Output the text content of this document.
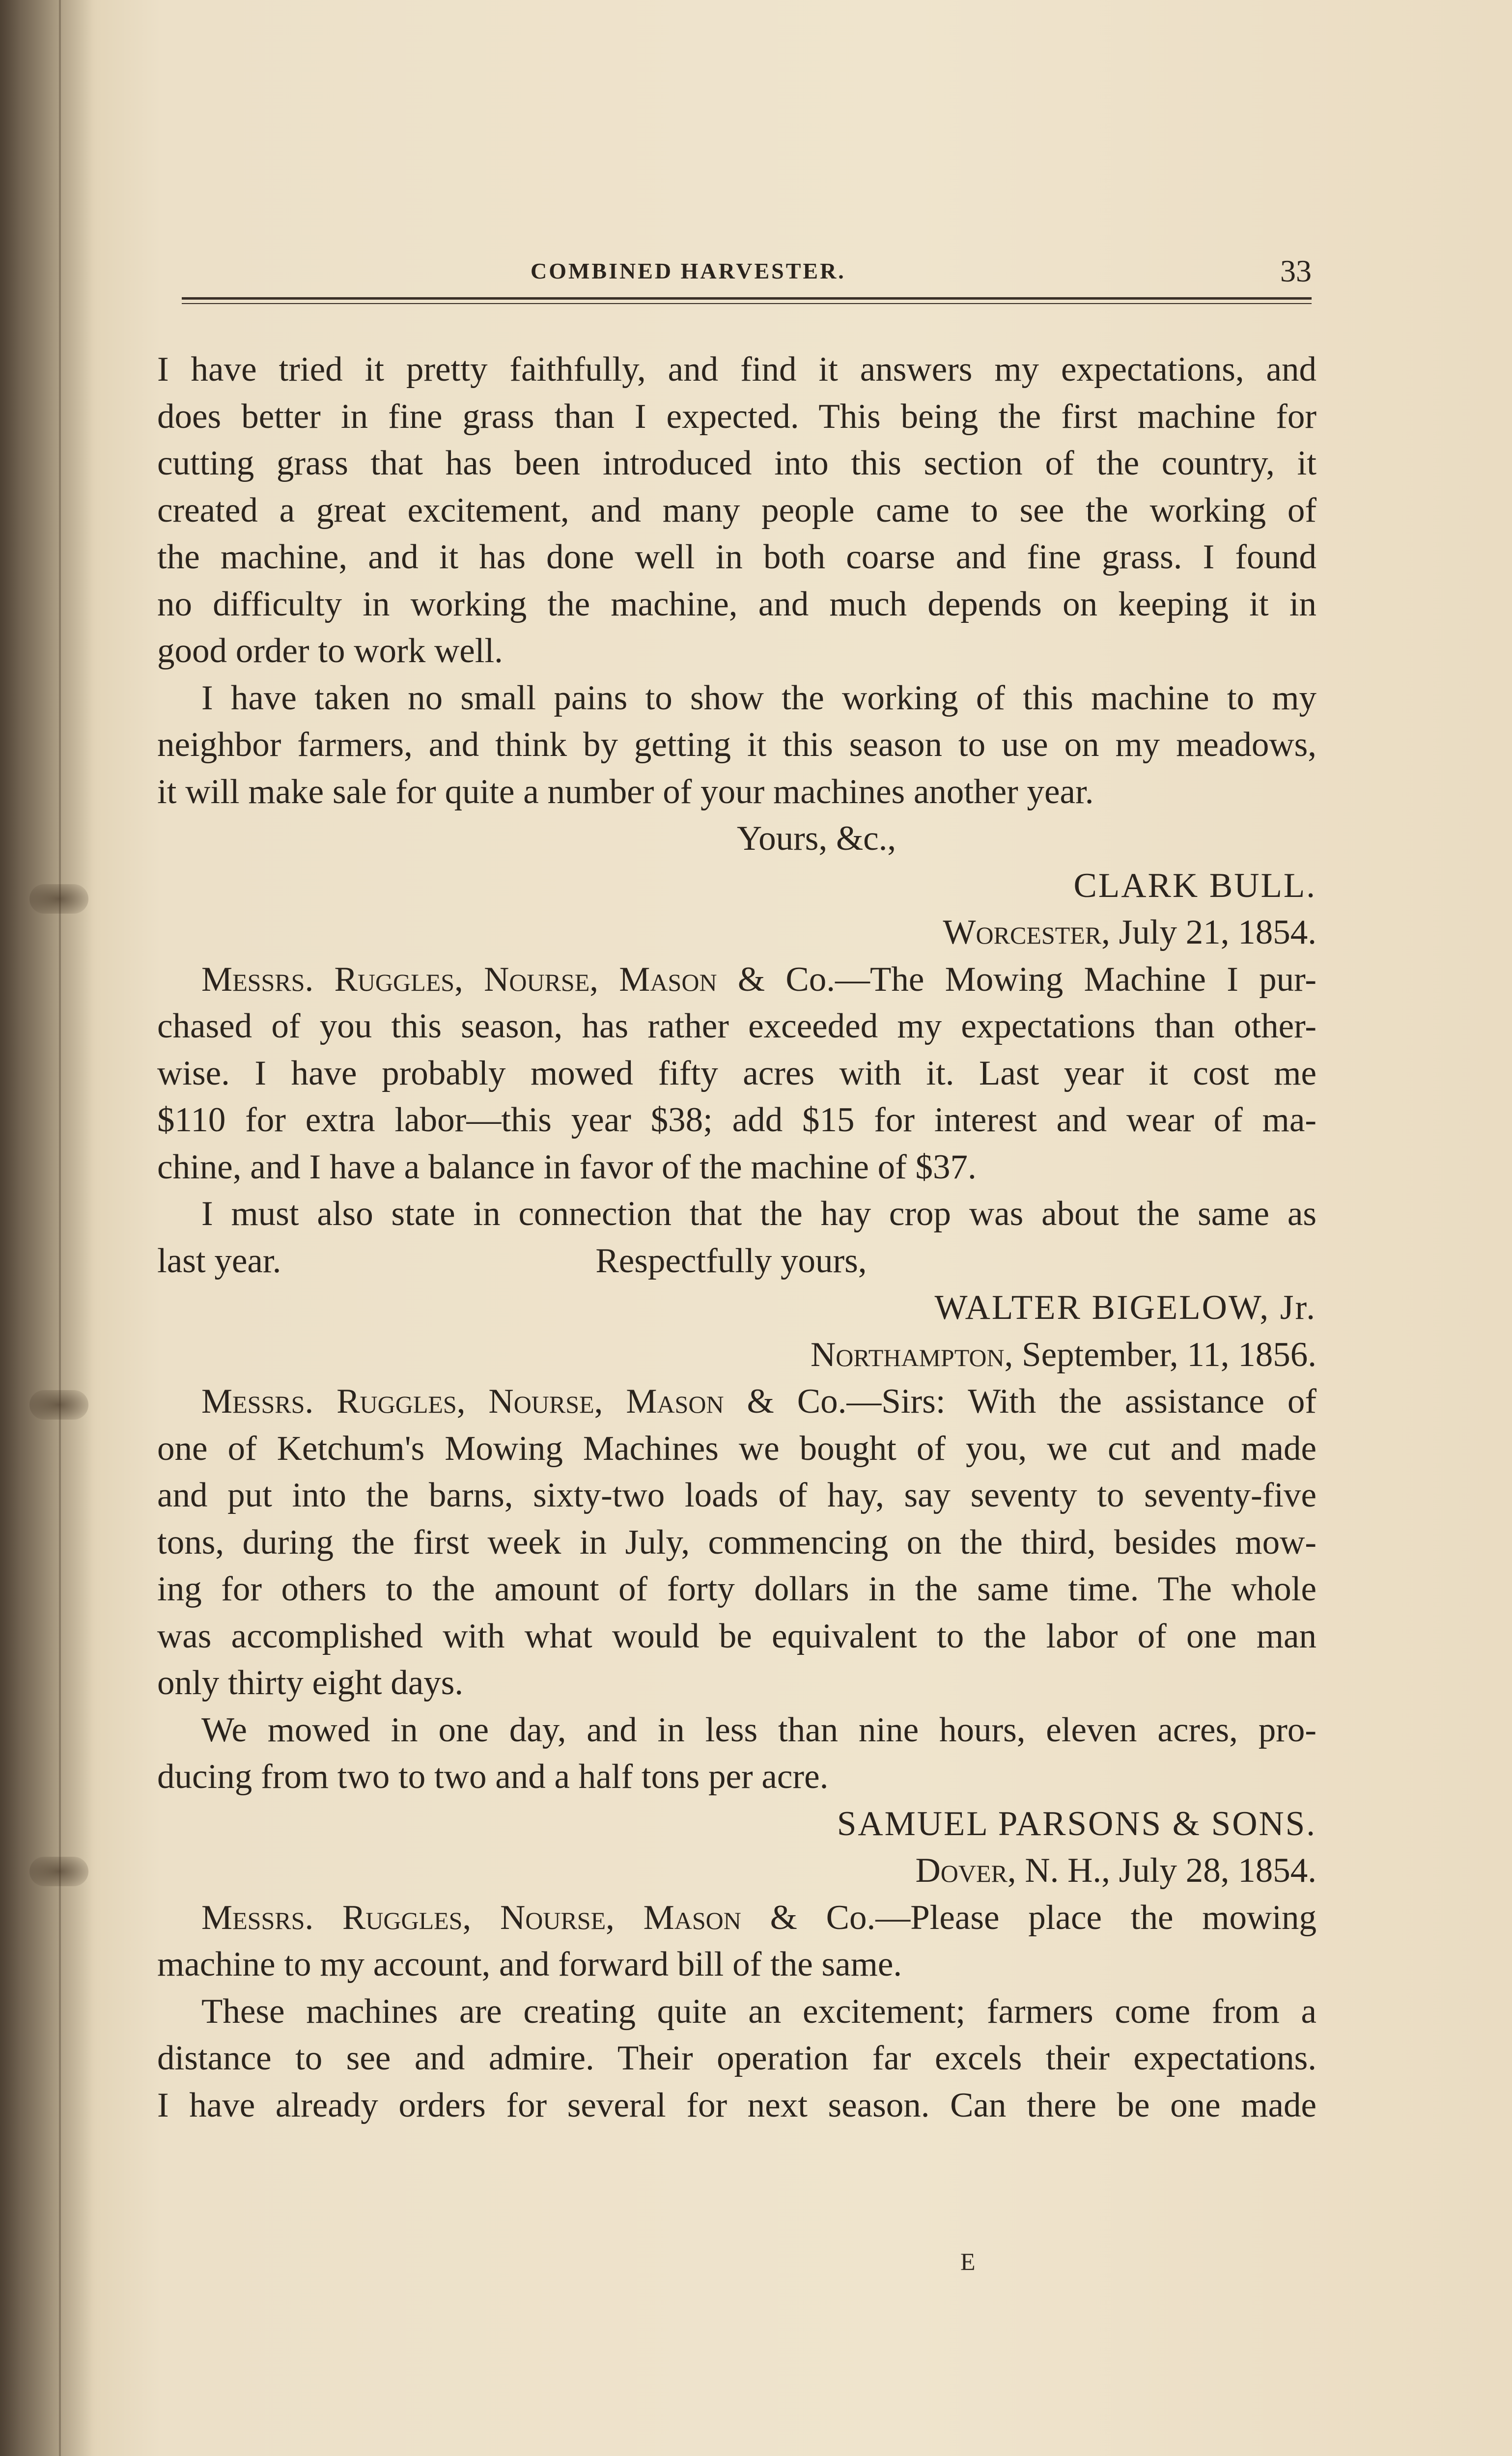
COMBINED HARVESTER.	33
I have tried it pretty faithfully, and find it answers my expectations, and
does better in fine grass than I expected. This being the first machine for
cutting grass that has been introduced into this section of the country, it
created a great excitement, and many people came to see the working of
the machine, and it has done well in both coarse and fine grass. I found
no difficulty in working the machine, and much depends on keeping it in
good order to work well.
I have taken no small pains to show the working of this machine to my
neighbor farmers, and think by getting it this season to use on my meadows,
it will make sale for quite a number of your machines another year.
Yours, &c.,
CLARK BULL.
Worcester, July 21, 1854.
Messrs. Ruggles, Nourse, Mason & Co.—The Mowing Machine I pur-
chased of you this season, has rather exceeded my expectations than other-
wise. I have probably mowed fifty acres with it. Last year it cost me
$110 for extra labor—this year $38; add $15 for interest and wear of ma-
chine, and I have a balance in favor of the machine of $37.
I must also state in connection that the hay crop was about the same as
last year.	Respectfully yours,
WALTER BIGELOW, Jr.
Northampton, September, 11, 1856.
Messrs. Ruggles, Nourse, Mason & Co.—Sirs: With the assistance of
one of Ketchum's Mowing Machines we bought of you, we cut and made
and put into the barns, sixty-two loads of hay, say seventy to seventy-five
tons, during the first week in July, commencing on the third, besides mow-
ing for others to the amount of forty dollars in the same time. The whole
was accomplished with what would be equivalent to the labor of one man
only thirty eight days.
We mowed in one day, and in less than nine hours, eleven acres, pro-
ducing from two to two and a half tons per acre.
SAMUEL PARSONS & SONS.
Dover, N. H., July 28, 1854.
Messrs. Ruggles, Nourse, Mason & Co.—Please place the mowing
machine to my account, and forward bill of the same.
These machines are creating quite an excitement; farmers come from a
distance to see and admire. Their operation far excels their expectations.
I have already orders for several for next season. Can there be one made
E
